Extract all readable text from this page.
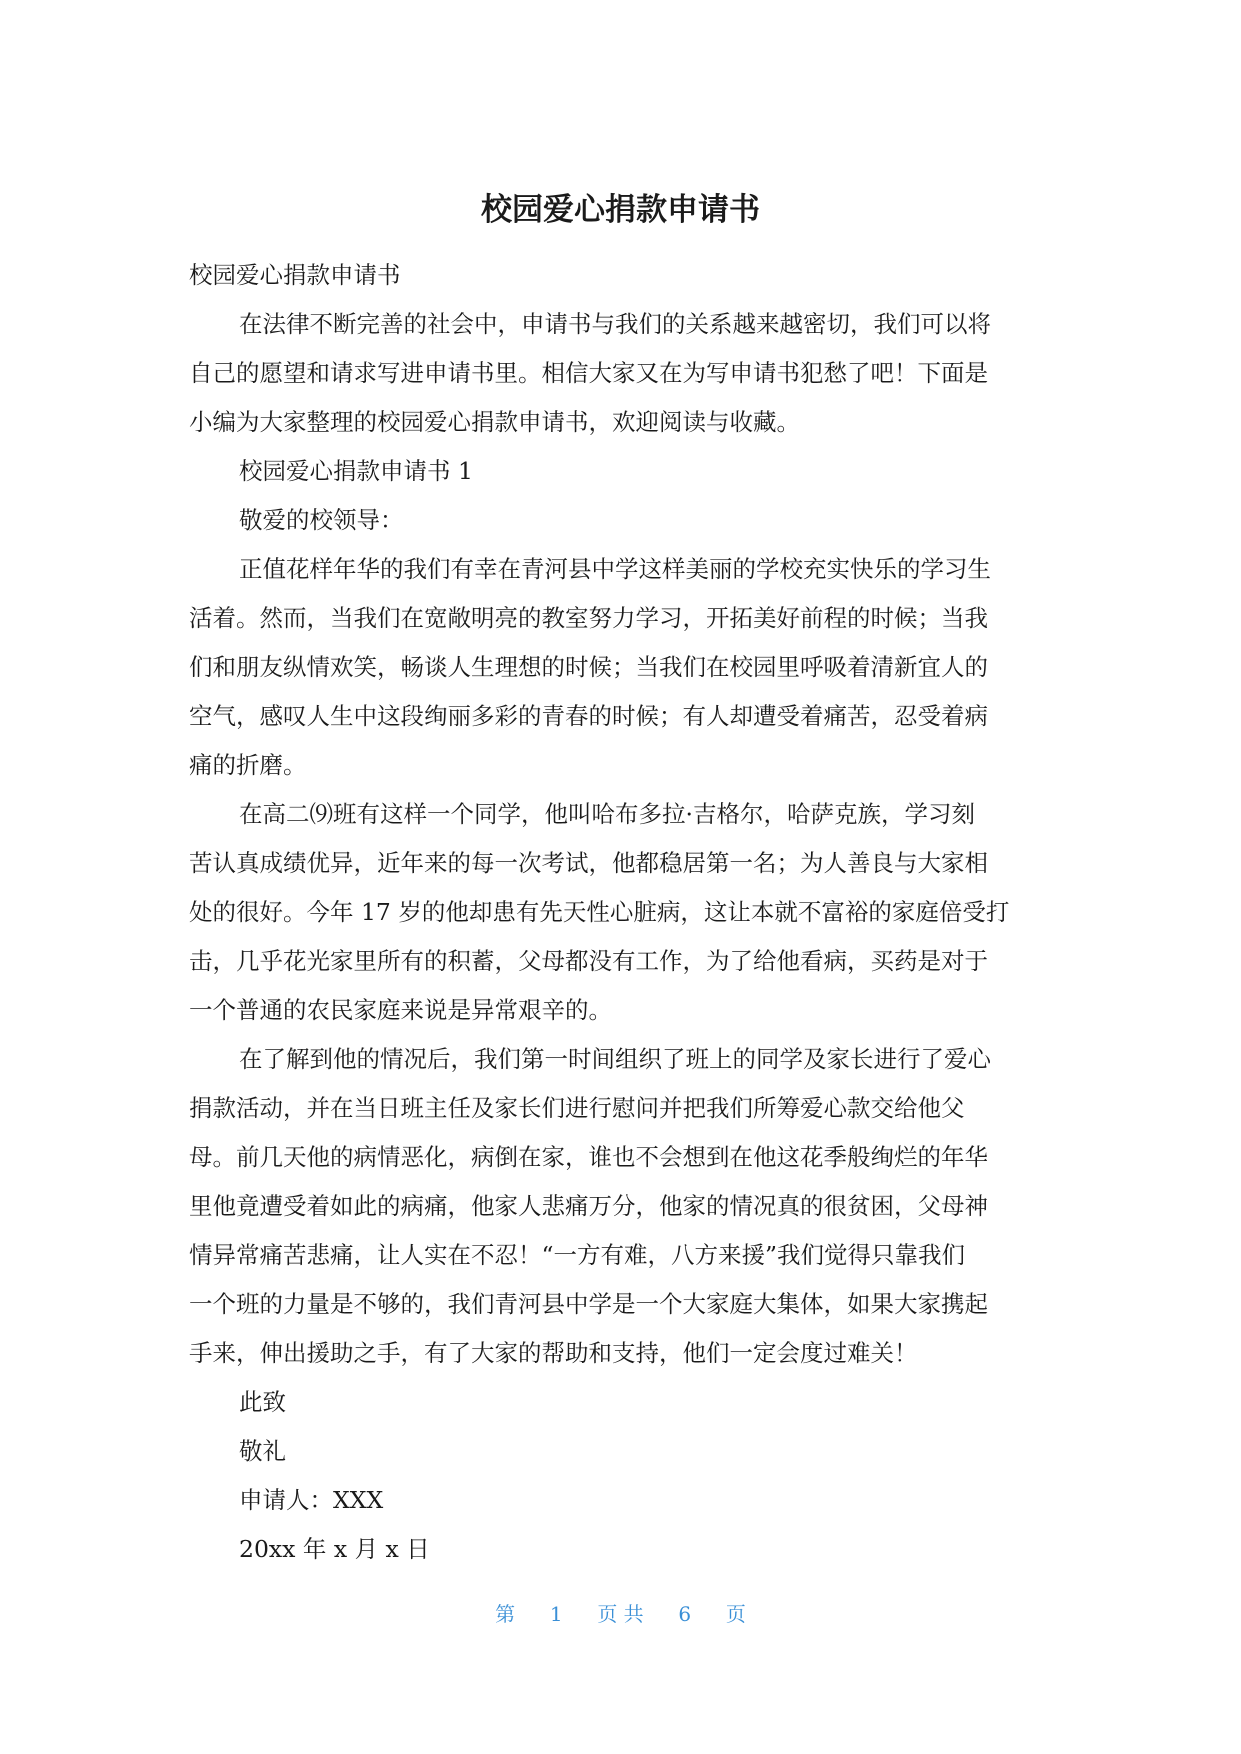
校园爱心捐款申请书

校园爱心捐款申请书

在法律不断完善的社会中，申请书与我们的关系越来越密切，我们可以将

自己的愿望和请求写进申请书里。相信大家又在为写申请书犯愁了吧！下面是

小编为大家整理的校园爱心捐款申请书，欢迎阅读与收藏。

校园爱心捐款申请书 1

敬爱的校领导：

正值花样年华的我们有幸在青河县中学这样美丽的学校充实快乐的学习生

活着。然而，当我们在宽敞明亮的教室努力学习，开拓美好前程的时候；当我

们和朋友纵情欢笑，畅谈人生理想的时候；当我们在校园里呼吸着清新宜人的

空气，感叹人生中这段绚丽多彩的青春的时候；有人却遭受着痛苦，忍受着病

痛的折磨。

在高二⑼班有这样一个同学，他叫哈布多拉·吉格尔，哈萨克族，学习刻

苦认真成绩优异，近年来的每一次考试，他都稳居第一名；为人善良与大家相

处的很好。今年 17 岁的他却患有先天性心脏病，这让本就不富裕的家庭倍受打

击，几乎花光家里所有的积蓄，父母都没有工作，为了给他看病，买药是对于

一个普通的农民家庭来说是异常艰辛的。

在了解到他的情况后，我们第一时间组织了班上的同学及家长进行了爱心

捐款活动，并在当日班主任及家长们进行慰问并把我们所筹爱心款交给他父

母。前几天他的病情恶化，病倒在家，谁也不会想到在他这花季般绚烂的年华

里他竟遭受着如此的病痛，他家人悲痛万分，他家的情况真的很贫困，父母神

情异常痛苦悲痛，让人实在不忍！“一方有难，八方来援”我们觉得只靠我们

一个班的力量是不够的，我们青河县中学是一个大家庭大集体，如果大家携起

手来，伸出援助之手，有了大家的帮助和支持，他们一定会度过难关！

此致

敬礼

申请人：XXX

20xx 年 x 月 x 日

第 1 页 共 6 页
